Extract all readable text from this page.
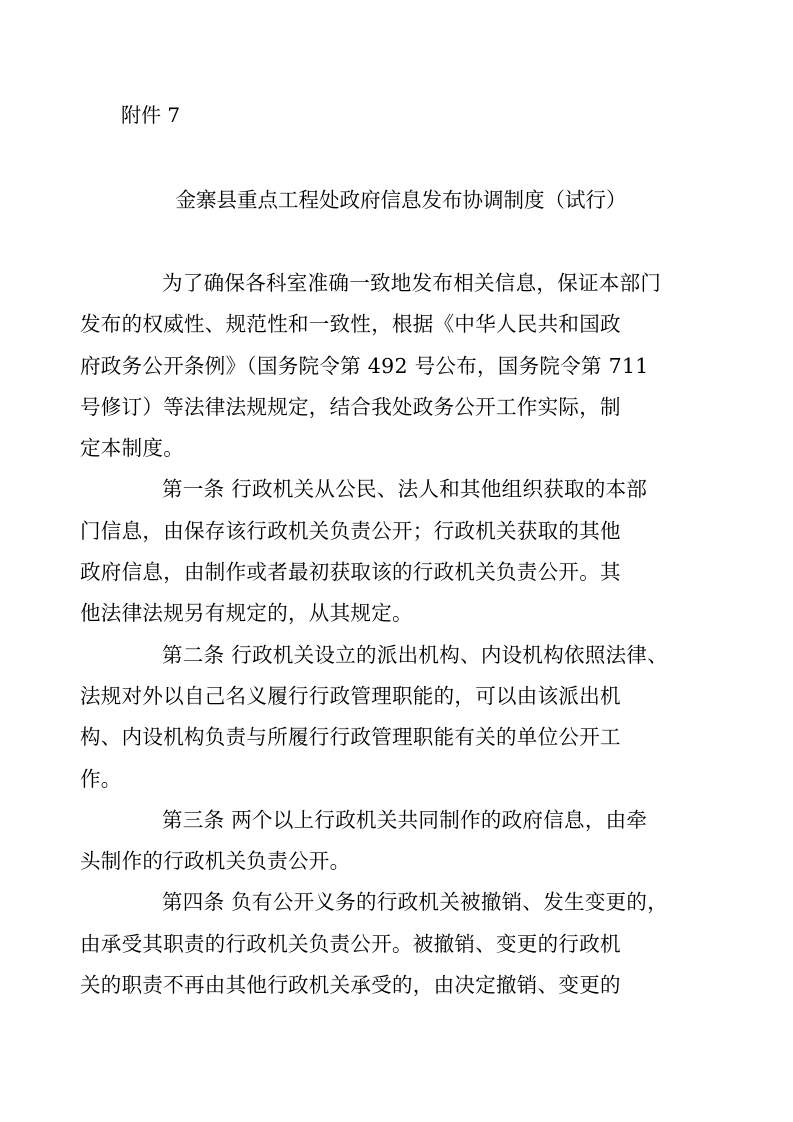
附件 7

金寨县重点工程处政府信息发布协调制度（试行）

为了确保各科室准确一致地发布相关信息，保证本部门
发布的权威性、规范性和一致性，根据《中华人民共和国政
府政务公开条例》（国务院令第 492 号公布，国务院令第 711
号修订）等法律法规规定，结合我处政务公开工作实际，制
定本制度。

第一条 行政机关从公民、法人和其他组织获取的本部
门信息，由保存该行政机关负责公开；行政机关获取的其他
政府信息，由制作或者最初获取该的行政机关负责公开。其
他法律法规另有规定的，从其规定。

第二条 行政机关设立的派出机构、内设机构依照法律、
法规对外以自己名义履行行政管理职能的，可以由该派出机
构、内设机构负责与所履行行政管理职能有关的单位公开工
作。

第三条 两个以上行政机关共同制作的政府信息，由牵
头制作的行政机关负责公开。

第四条 负有公开义务的行政机关被撤销、发生变更的，
由承受其职责的行政机关负责公开。被撤销、变更的行政机
关的职责不再由其他行政机关承受的，由决定撤销、变更的
